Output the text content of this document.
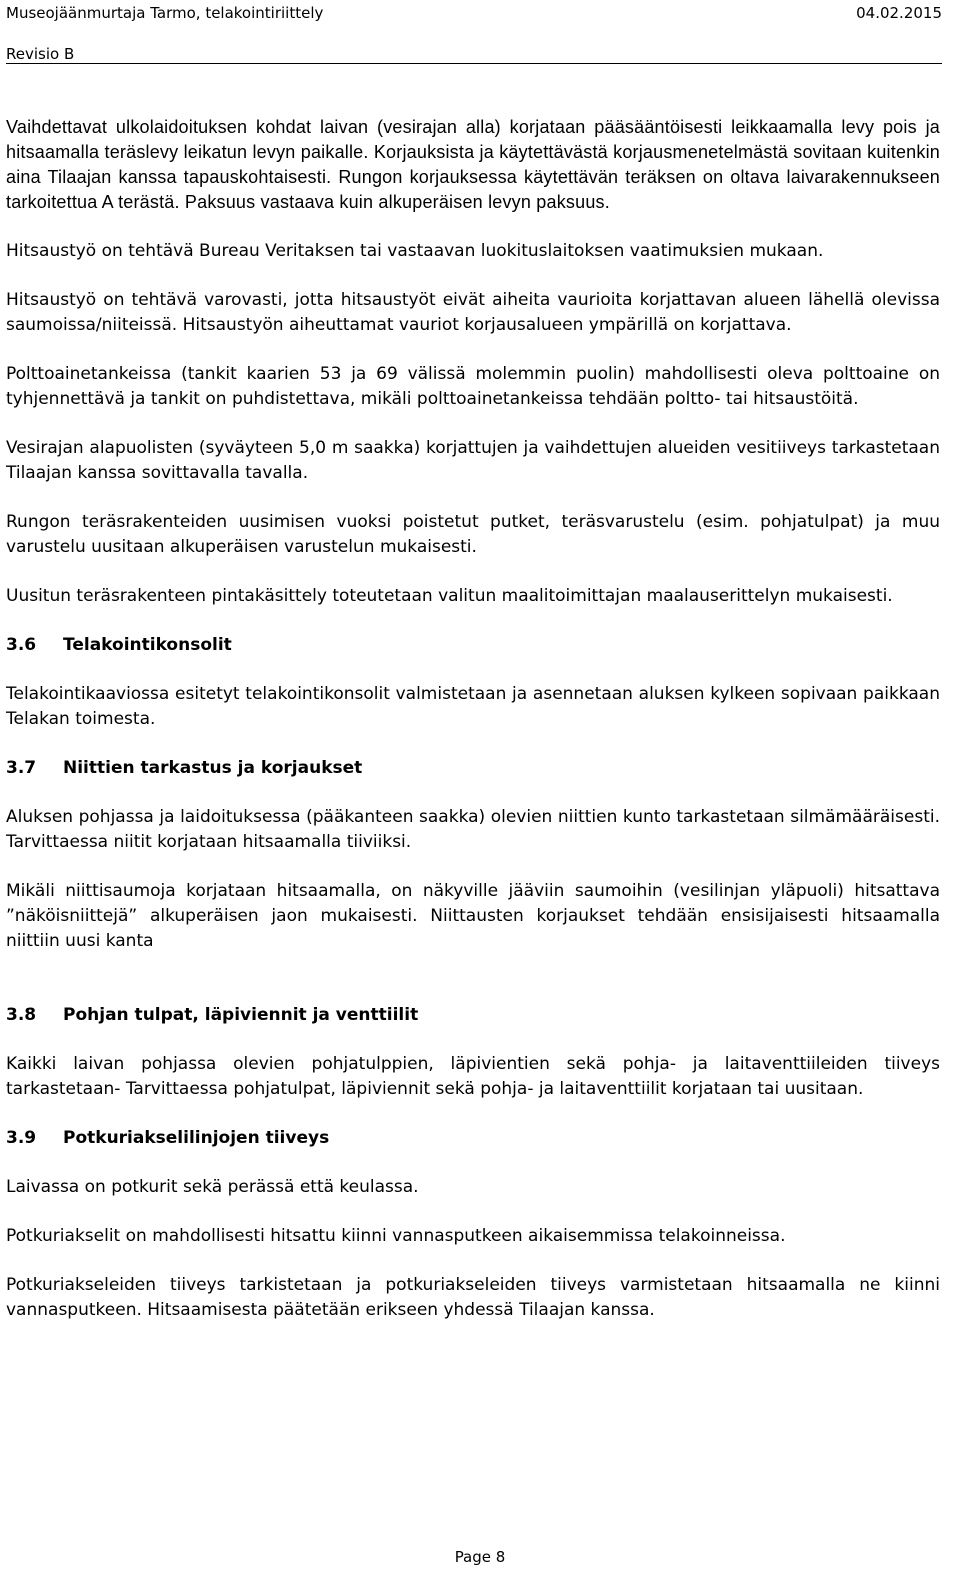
Museojäänmurtaja Tarmo, telakointiriittely	04.02.2015
Revisio B

Vaihdettavat ulkolaidoituksen kohdat laivan (vesirajan alla) korjataan pääsääntöisesti leikkaamalla levy pois ja hitsaamalla teräslevy leikatun levyn paikalle. Korjauksista ja käytettävästä korjausmenetelmästä sovitaan kuitenkin aina Tilaajan kanssa tapauskohtaisesti. Rungon korjauksessa käytettävän teräksen on oltava laivarakennukseen tarkoitettua A terästä. Paksuus vastaava kuin alkuperäisen levyn paksuus.

Hitsaustyö on tehtävä Bureau Veritaksen tai vastaavan luokituslaitoksen vaatimuksien mukaan.

Hitsaustyö on tehtävä varovasti, jotta hitsaustyöt eivät aiheita vaurioita korjattavan alueen lähellä olevissa saumoissa/niiteissä. Hitsaustyön aiheuttamat vauriot korjausalueen ympärillä on korjattava.

Polttoainetankeissa (tankit kaarien 53 ja 69 välissä molemmin puolin) mahdollisesti oleva polttoaine on tyhjennettävä ja tankit on puhdistettava, mikäli polttoainetankeissa tehdään poltto- tai hitsaustöitä.

Vesirajan alapuolisten (syväyteen 5,0 m saakka) korjattujen ja vaihdettujen alueiden vesitiiveys tarkastetaan Tilaajan kanssa sovittavalla tavalla.

Rungon teräsrakenteiden uusimisen vuoksi poistetut putket, teräsvarustelu (esim. pohjatulpat) ja muu varustelu uusitaan alkuperäisen varustelun mukaisesti.

Uusitun teräsrakenteen pintakäsittely toteutetaan valitun maalitoimittajan maalauserittelyn mukaisesti.

3.6 Telakointikonsolit

Telakointikaaviossa esitetyt telakointikonsolit valmistetaan ja asennetaan aluksen kylkeen sopivaan paikkaan Telakan toimesta.

3.7 Niittien tarkastus ja korjaukset

Aluksen pohjassa ja laidoituksessa (pääkanteen saakka) olevien niittien kunto tarkastetaan silmämääräisesti. Tarvittaessa niitit korjataan hitsaamalla tiiviiksi.

Mikäli niittisaumoja korjataan hitsaamalla, on näkyville jääviin saumoihin (vesilinjan yläpuoli) hitsattava ”näköisniittejä” alkuperäisen jaon mukaisesti. Niittausten korjaukset tehdään ensisijaisesti hitsaamalla niittiin uusi kanta

3.8 Pohjan tulpat, läpiviennit ja venttiilit

Kaikki laivan pohjassa olevien pohjatulppien, läpivientien sekä pohja- ja laitaventtiileiden tiiveys tarkastetaan- Tarvittaessa pohjatulpat, läpiviennit sekä pohja- ja laitaventtiilit korjataan tai uusitaan.

3.9 Potkuriakselilinjojen tiiveys

Laivassa on potkurit sekä perässä että keulassa.

Potkuriakselit on mahdollisesti hitsattu kiinni vannasputkeen aikaisemmissa telakoinneissa.

Potkuriakseleiden tiiveys tarkistetaan ja potkuriakseleiden tiiveys varmistetaan hitsaamalla ne kiinni vannasputkeen. Hitsaamisesta päätetään erikseen yhdessä Tilaajan kanssa.

Page 8
